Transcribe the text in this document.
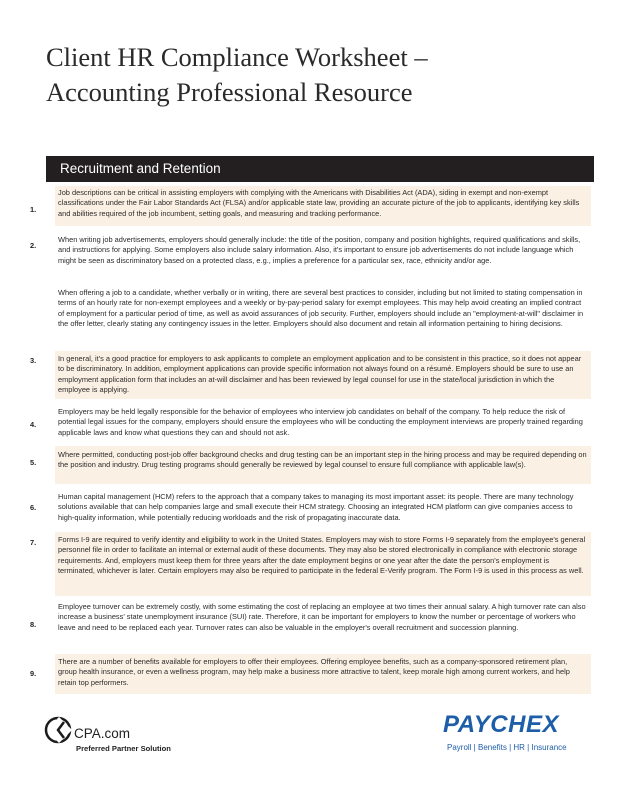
Client HR Compliance Worksheet –
Accounting Professional Resource
Recruitment and Retention
1.
Job descriptions can be critical in assisting employers with complying with the Americans with Disabilities Act (ADA), siding in exempt and non-exempt classifications under the Fair Labor Standards Act (FLSA) and/or applicable state law, providing an accurate picture of the job to applicants, identifying key skills and abilities required of the job incumbent, setting goals, and measuring and tracking performance.
2.
When writing job advertisements, employers should generally include: the title of the position, company and position highlights, required qualifications and skills, and instructions for applying. Some employers also include salary information. Also, it's important to ensure job advertisements do not include language which might be seen as discriminatory based on a protected class, e.g., implies a preference for a particular sex, race, ethnicity and/or age.
When offering a job to a candidate, whether verbally or in writing, there are several best practices to consider, including but not limited to stating compensation in terms of an hourly rate for non-exempt employees and a weekly or by-pay-period salary for exempt employees. This may help avoid creating an implied contract of employment for a particular period of time, as well as avoid assurances of job security. Further, employers should include an "employment-at-will" disclaimer in the offer letter, clearly stating any contingency issues in the letter. Employers should also document and retain all information pertaining to hiring decisions.
3.	In general, it's a good practice for employers to ask applicants to complete an employment application and to be consistent in this practice, so it does not appear to be discriminatory. In addition, employment applications can provide specific information not always found on a résumé. Employers should be sure to use an employment application form that includes an at-will disclaimer and has been reviewed by legal counsel for use in the state/local jurisdiction in which the employee is applying.
4.
Employers may be held legally responsible for the behavior of employees who interview job candidates on behalf of the company. To help reduce the risk of potential legal issues for the company, employers should ensure the employees who will be conducting the employment interviews are properly trained regarding applicable laws and know what questions they can and should not ask.
5.
Where permitted, conducting post-job offer background checks and drug testing can be an important step in the hiring process and may be required depending on the position and industry. Drug testing programs should generally be reviewed by legal counsel to ensure full compliance with applicable law(s).
6.
Human capital management (HCM) refers to the approach that a company takes to managing its most important asset: its people. There are many technology solutions available that can help companies large and small execute their HCM strategy. Choosing an integrated HCM platform can give companies access to high-quality information, while potentially reducing workloads and the risk of propagating inaccurate data.
7.	Forms I-9 are required to verify identity and eligibility to work in the United States. Employers may wish to store Forms I-9 separately from the employee's general personnel file in order to facilitate an internal or external audit of these documents. They may also be stored electronically in compliance with electronic storage requirements. And, employers must keep them for three years after the date employment begins or one year after the date the person's employment is terminated, whichever is later. Certain employers may also be required to participate in the federal E-Verify program. The Form I-9 is used in this process as well.
8.
Employee turnover can be extremely costly, with some estimating the cost of replacing an employee at two times their annual salary. A high turnover rate can also increase a business' state unemployment insurance (SUI) rate. Therefore, it can be important for employers to know the number or percentage of workers who leave and need to be replaced each year. Turnover rates can also be valuable in the employer's overall recruitment and succession planning.
9.
There are a number of benefits available for employers to offer their employees. Offering employee benefits, such as a company-sponsored retirement plan, group health insurance, or even a wellness program, may help make a business more attractive to talent, keep morale high among current workers, and help retain top performers.
CPA.com
Preferred Partner Solution
PAYCHEX
Payroll | Benefits | HR | Insurance
